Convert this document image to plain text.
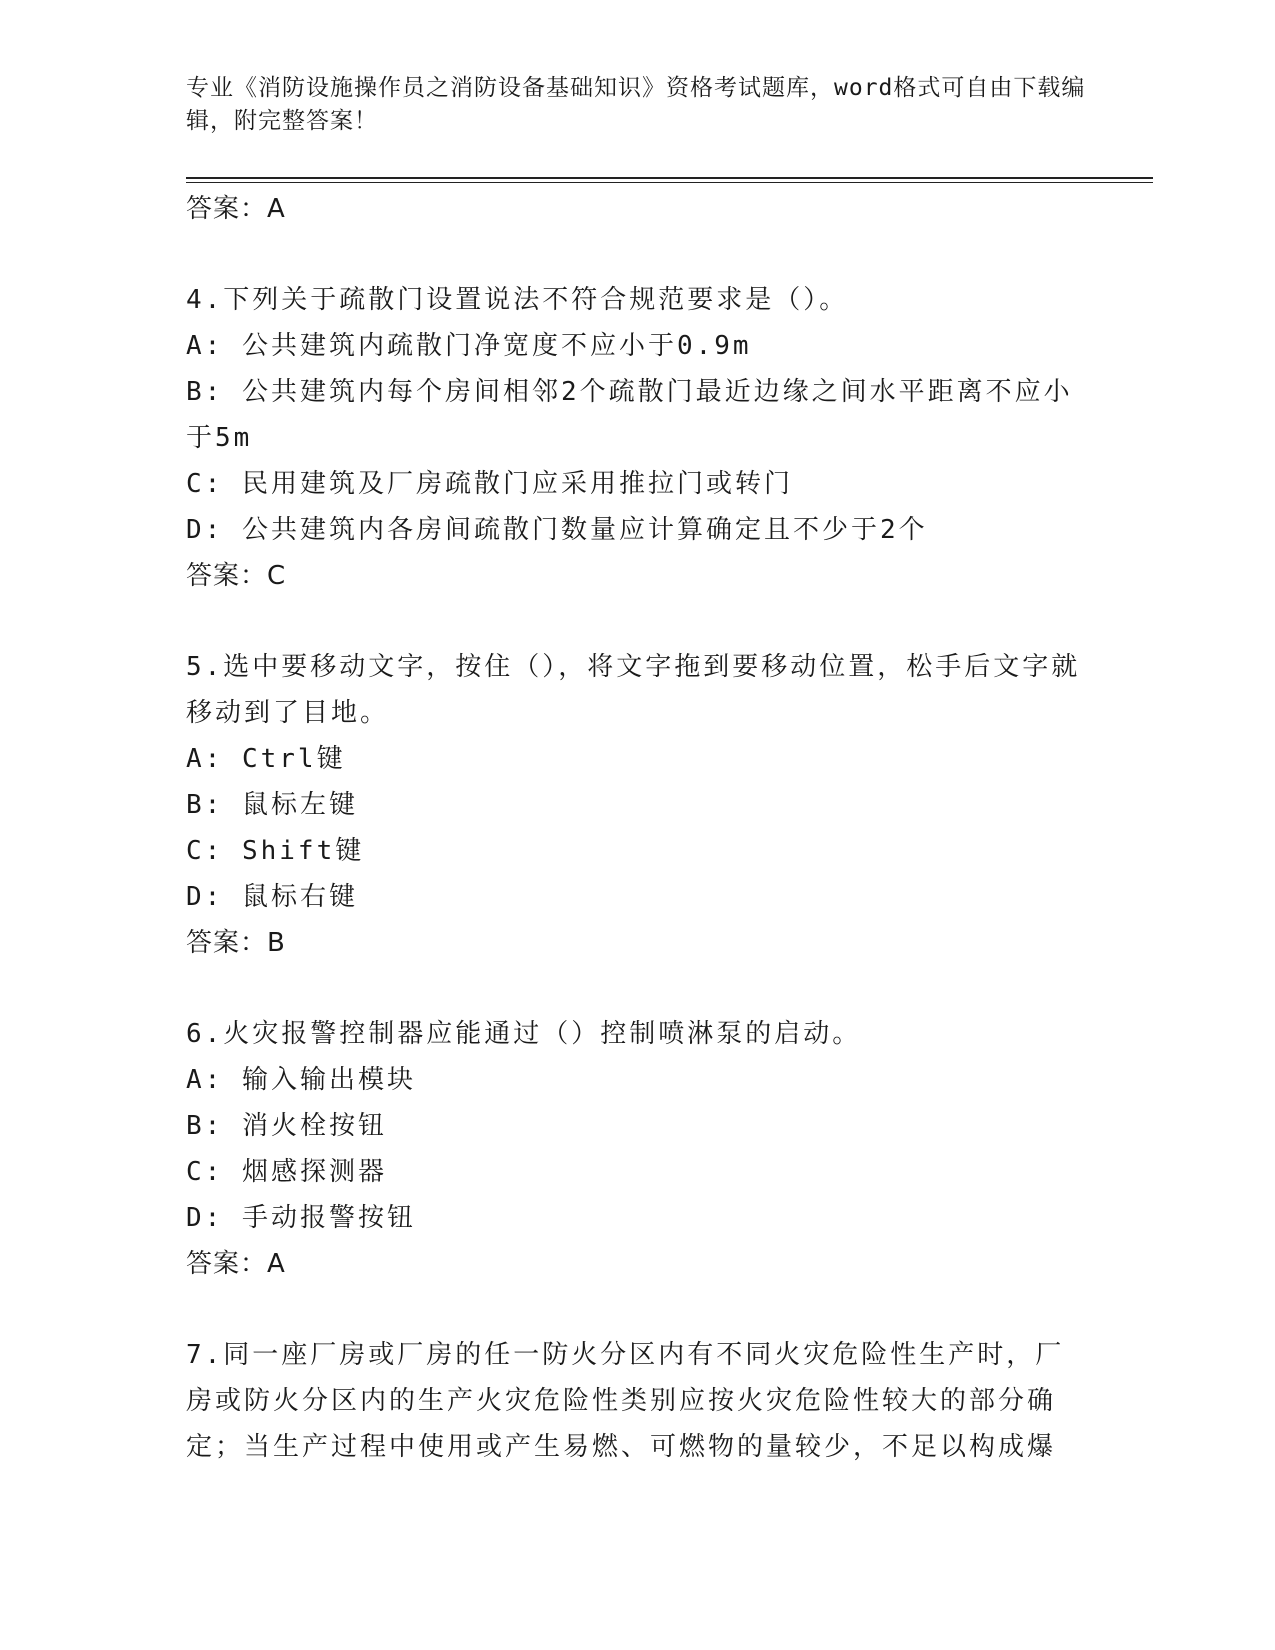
专业《消防设施操作员之消防设备基础知识》资格考试题库，word格式可自由下载编辑，附完整答案！
答案：A
4.下列关于疏散门设置说法不符合规范要求是（）。
A: 公共建筑内疏散门净宽度不应小于0.9m
B: 公共建筑内每个房间相邻2个疏散门最近边缘之间水平距离不应小于5m
C: 民用建筑及厂房疏散门应采用推拉门或转门
D: 公共建筑内各房间疏散门数量应计算确定且不少于2个
答案：C
5.选中要移动文字，按住（），将文字拖到要移动位置，松手后文字就移动到了目地。
A: Ctrl键
B: 鼠标左键
C: Shift键
D: 鼠标右键
答案：B
6.火灾报警控制器应能通过（）控制喷淋泵的启动。
A: 输入输出模块
B: 消火栓按钮
C: 烟感探测器
D: 手动报警按钮
答案：A
7.同一座厂房或厂房的任一防火分区内有不同火灾危险性生产时，厂房或防火分区内的生产火灾危险性类别应按火灾危险性较大的部分确定；当生产过程中使用或产生易燃、可燃物的量较少，不足以构成爆
